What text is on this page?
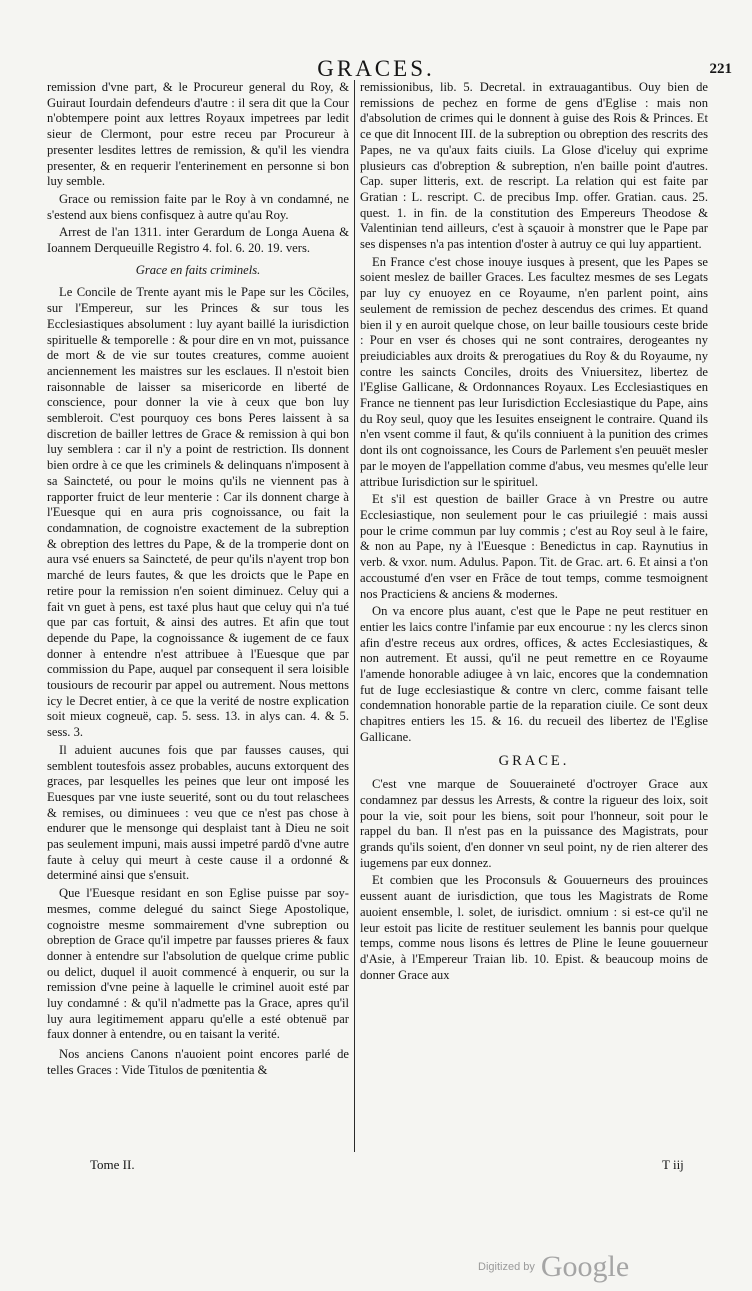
GRACES.	221

remission d'vne part, & le Procureur general du Roy, & Guiraut Iourdain defendeurs d'autre : il sera dit que la Cour n'obtempere point aux lettres Royaux impetrees par ledit sieur de Clermont, pour estre receu par Procureur à presenter lesdites lettres de remission, & qu'il les viendra presenter, & en requerir l'enterinement en personne si bon luy semble.

Grace ou remission faite par le Roy à vn condamné, ne s'estend aux biens confisquez à autre qu'au Roy.

Arrest de l'an 1311. inter Gerardum de Longa Auena & Ioannem Derqueuille Registro 4. fol. 6. 20. 19. vers.

Grace en faits criminels.

Le Concile de Trente ayant mis le Pape sur les Cõciles, sur l'Empereur, sur les Princes & sur tous les Ecclesiastiques absolument : luy ayant baillé la iurisdiction spirituelle & temporelle : & pour dire en vn mot, puissance de mort & de vie sur toutes creatures, comme auoient anciennement les maistres sur les esclaues. Il n'estoit bien raisonnable de laisser sa misericorde en liberté de conscience, pour donner la vie à ceux que bon luy sembleroit. C'est pourquoy ces bons Peres laissent à sa discretion de bailler lettres de Grace & remission à qui bon luy semblera : car il n'y a point de restriction. Ils donnent bien ordre à ce que les criminels & delinquans n'imposent à sa Saincteté, ou pour le moins qu'ils ne viennent pas à rapporter fruict de leur menterie : Car ils donnent charge à l'Euesque qui en aura pris cognoissance, ou fait la condamnation, de cognoistre exactement de la subreption & obreption des lettres du Pape, & de la tromperie dont on aura vsé enuers sa Saincteté, de peur qu'ils n'ayent trop bon marché de leurs fautes, & que les droicts que le Pape en retire pour la remission n'en soient diminuez. Celuy qui a fait vn guet à pens, est taxé plus haut que celuy qui n'a tué que par cas fortuit, & ainsi des autres. Et afin que tout depende du Pape, la cognoissance & iugement de ce faux donner à entendre n'est attribuee à l'Euesque que par commission du Pape, auquel par consequent il sera loisible tousiours de recourir par appel ou autrement. Nous mettons icy le Decret entier, à ce que la verité de nostre explication soit mieux cogneuë, cap. 5. sess. 13. in alys can. 4. & 5. sess. 3.

Il aduient aucunes fois que par fausses causes, qui semblent toutesfois assez probables, aucuns extorquent des graces, par lesquelles les peines que leur ont imposé les Euesques par vne iuste seuerité, sont ou du tout relaschees & remises, ou diminuees : veu que ce n'est pas chose à endurer que le mensonge qui desplaist tant à Dieu ne soit pas seulement impuni, mais aussi impetré pardõ d'vne autre faute à celuy qui meurt à ceste cause il a ordonné & determiné ainsi que s'ensuit.

Que l'Euesque residant en son Eglise puisse par soy-mesmes, comme delegué du sainct Siege Apostolique, cognoistre mesme sommairement d'vne subreption ou obreption de Grace qu'il impetre par fausses prieres & faux donner à entendre sur l'absolution de quelque crime public ou delict, duquel il auoit commencé à enquerir, ou sur la remission d'vne peine à laquelle le criminel auoit esté par luy condamné : & qu'il n'admette pas la Grace, apres qu'il luy aura legitimement apparu qu'elle a esté obtenuë par faux donner à entendre, ou en taisant la verité.

Nos anciens Canons n'auoient point encores parlé de telles Graces : Vide Titulos de pœnitentia &

remissionibus, lib. 5. Decretal. in extrauagantibus. Ouy bien de remissions de pechez en forme de gens d'Eglise : mais non d'absolution de crimes qui le donnent à guise des Rois & Princes. Et ce que dit Innocent III. de la subreption ou obreption des rescrits des Papes, ne va qu'aux faits ciuils. La Glose d'iceluy qui exprime plusieurs cas d'obreption & subreption, n'en baille point d'autres. Cap. super litteris, ext. de rescript. La relation qui est faite par Gratian : L. rescript. C. de precibus Imp. offer. Gratian. caus. 25. quest. 1. in fin. de la constitution des Empereurs Theodose & Valentinian tend ailleurs, c'est à sçauoir à monstrer que le Pape par ses dispenses n'a pas intention d'oster à autruy ce qui luy appartient.

En France c'est chose inouye iusques à present, que les Papes se soient meslez de bailler Graces. Les facultez mesmes de ses Legats par luy cy enuoyez en ce Royaume, n'en parlent point, ains seulement de remission de pechez descendus des crimes. Et quand bien il y en auroit quelque chose, on leur baille tousiours ceste bride : Pour en vser és choses qui ne sont contraires, derogeantes ny preiudiciables aux droits & prerogatiues du Roy & du Royaume, ny contre les saincts Conciles, droits des Vniuersitez, libertez de l'Eglise Gallicane, & Ordonnances Royaux. Les Ecclesiastiques en France ne tiennent pas leur Iurisdiction Ecclesiastique du Pape, ains du Roy seul, quoy que les Iesuites enseignent le contraire. Quand ils n'en vsent comme il faut, & qu'ils conniuent à la punition des crimes dont ils ont cognoissance, les Cours de Parlement s'en peuuët mesler par le moyen de l'appellation comme d'abus, veu mesmes qu'elle leur attribue Iurisdiction sur le spirituel.

Et s'il est question de bailler Grace à vn Prestre ou autre Ecclesiastique, non seulement pour le cas priuilegié : mais aussi pour le crime commun par luy commis ; c'est au Roy seul à le faire, & non au Pape, ny à l'Euesque : Benedictus in cap. Raynutius in verb. & vxor. num. Adulus. Papon. Tit. de Grac. art. 6. Et ainsi a t'on accoustumé d'en vser en Frãce de tout temps, comme tesmoignent nos Practiciens & anciens & modernes.

On va encore plus auant, c'est que le Pape ne peut restituer en entier les laics contre l'infamie par eux encourue : ny les clercs sinon afin d'estre receus aux ordres, offices, & actes Ecclesiastiques, & non autrement. Et aussi, qu'il ne peut remettre en ce Royaume l'amende honorable adiugee à vn laic, encores que la condemnation fut de Iuge ecclesiastique & contre vn clerc, comme faisant telle condemnation honorable partie de la reparation ciuile. Ce sont deux chapitres entiers les 15. & 16. du recueil des libertez de l'Eglise Gallicane.

GRACE.

C'est vne marque de Souueraineté d'octroyer Grace aux condamnez par dessus les Arrests, & contre la rigueur des loix, soit pour la vie, soit pour les biens, soit pour l'honneur, soit pour le rappel du ban. Il n'est pas en la puissance des Magistrats, pour grands qu'ils soient, d'en donner vn seul point, ny de rien alterer des iugemens par eux donnez.

Et combien que les Proconsuls & Gouuerneurs des prouinces eussent auant de iurisdiction, que tous les Magistrats de Rome auoient ensemble, l. solet, de iurisdict. omnium : si est-ce qu'il ne leur estoit pas licite de restituer seulement les bannis pour quelque temps, comme nous lisons és lettres de Pline le Ieune gouuerneur d'Asie, à l'Empereur Traian lib. 10. Epist. & beaucoup moins de donner Grace aux

Tome II.	T iij
Digitized by Google
